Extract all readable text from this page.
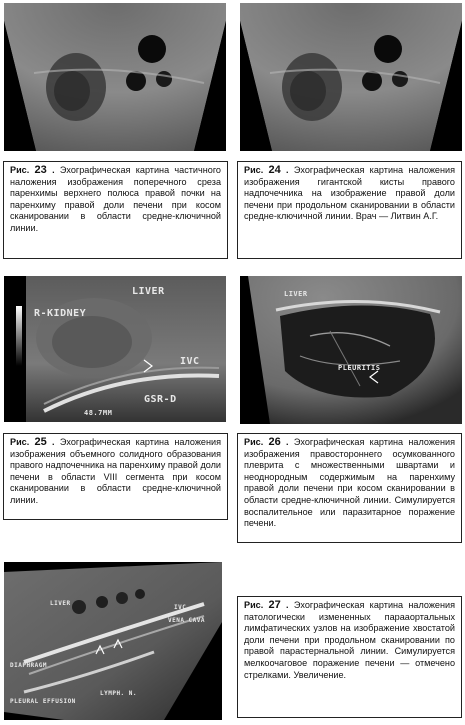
Рис. 23 . Эхографическая картина частичного наложения изображения поперечного среза паренхимы верхнего полюса правой почки на паренхиму правой доли печени при косом сканировании в области средне-ключичной линии.
Рис. 24 . Эхографическая картина наложения изображения гигантской кисты правого надпочечника на изображение правой доли печени при продольном сканировании в области средне-ключичной линии. Врач — Литвин А.Г.
LIVER
R-KIDNEY
IVC
GSR-D
48.7MM
LIVER
PLEURITIS
Рис. 25 . Эхографическая картина наложения изображения объемного солидного образования правого надпочечника на паренхиму правой доли печени в области VIII сегмента при косом сканировании в области средне-ключичной линии.
Рис. 26 . Эхографическая картина наложения изображения правостороннего осумкованного плеврита с множественными швартами и неоднородным содержимым на паренхиму правой доли печени при косом сканировании в области средне-ключичной линии. Симулируется воспалительное или паразитарное поражение печени.
LIVER
IVC
VENA CAVA
DIAPHRAGM
PLEURAL EFFUSION
LYMPH. N.
Рис. 27 . Эхографическая картина наложения патологически измененных парааортальных лимфатических узлов на изображение хвостатой доли печени при продольном сканировании по правой парастернальной линии. Симулируется мелкоочаговое поражение печени — отмечено стрелками. Увеличение.
